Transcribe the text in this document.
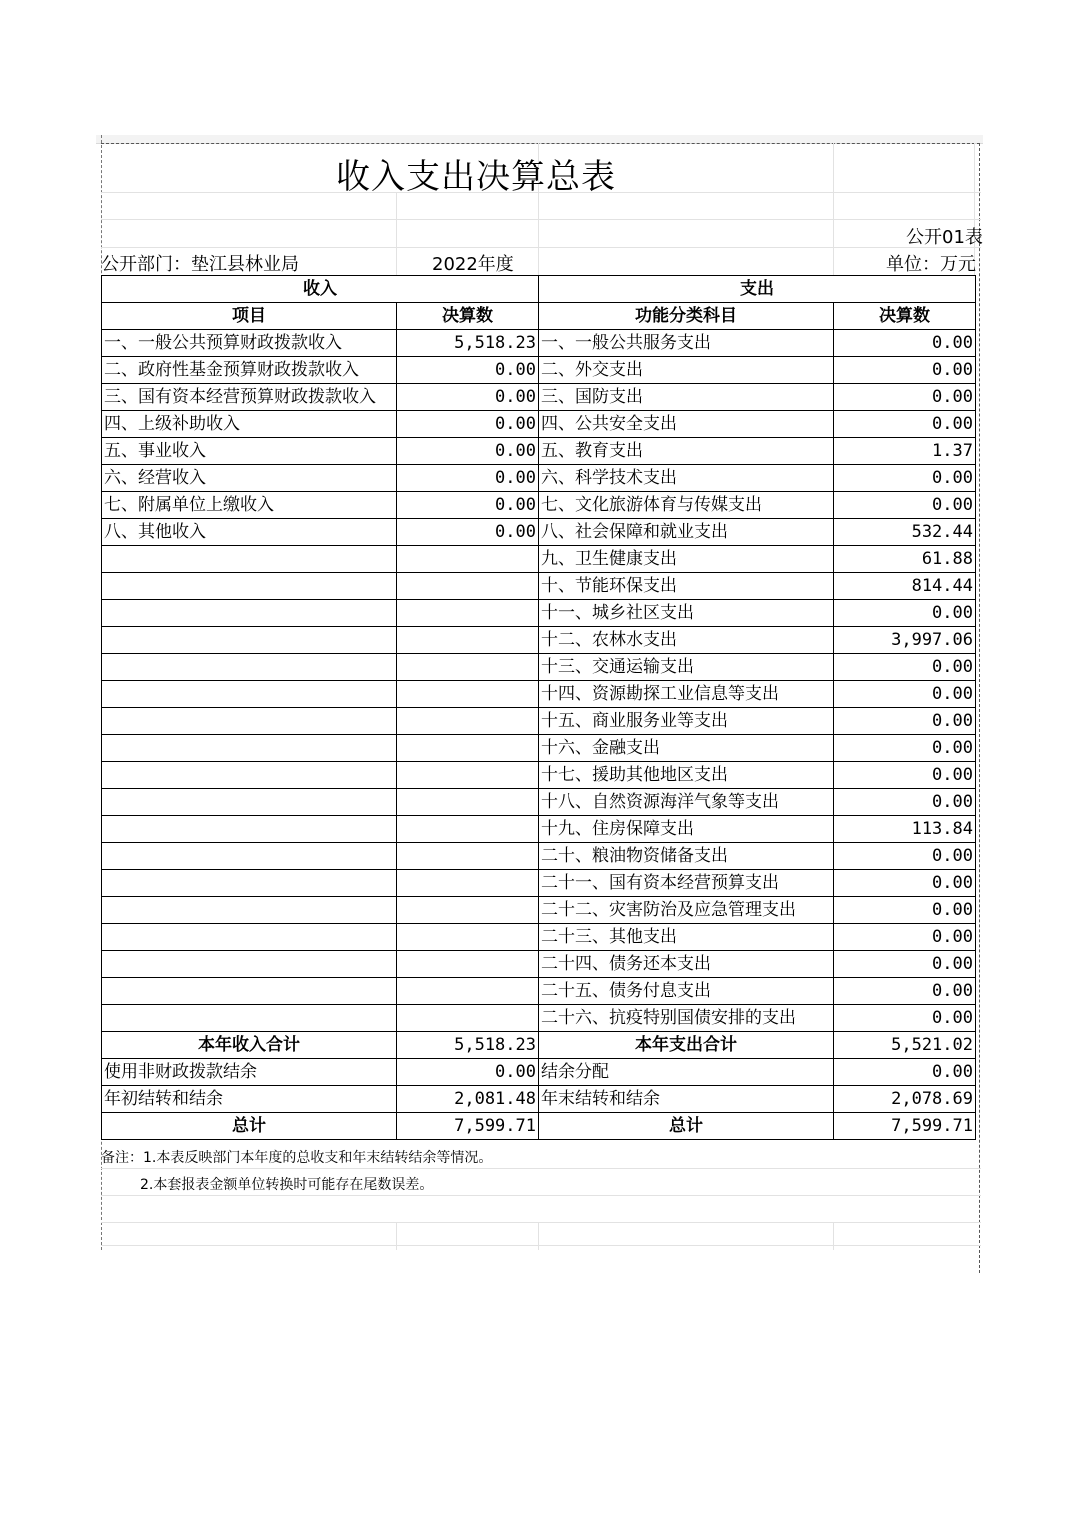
收入支出决算总表
公开01表
公开部门：垫江县林业局	2022年度	单位：万元
收入		支出	
项目	决算数	功能分类科目	决算数
一、一般公共预算财政拨款收入	5,518.23	一、一般公共服务支出	0.00
二、政府性基金预算财政拨款收入	0.00	二、外交支出	0.00
三、国有资本经营预算财政拨款收入	0.00	三、国防支出	0.00
四、上级补助收入	0.00	四、公共安全支出	0.00
五、事业收入	0.00	五、教育支出	1.37
六、经营收入	0.00	六、科学技术支出	0.00
七、附属单位上缴收入	0.00	七、文化旅游体育与传媒支出	0.00
八、其他收入	0.00	八、社会保障和就业支出	532.44
		九、卫生健康支出	61.88
		十、节能环保支出	814.44
		十一、城乡社区支出	0.00
		十二、农林水支出	3,997.06
		十三、交通运输支出	0.00
		十四、资源勘探工业信息等支出	0.00
		十五、商业服务业等支出	0.00
		十六、金融支出	0.00
		十七、援助其他地区支出	0.00
		十八、自然资源海洋气象等支出	0.00
		十九、住房保障支出	113.84
		二十、粮油物资储备支出	0.00
		二十一、国有资本经营预算支出	0.00
		二十二、灾害防治及应急管理支出	0.00
		二十三、其他支出	0.00
		二十四、债务还本支出	0.00
		二十五、债务付息支出	0.00
		二十六、抗疫特别国债安排的支出	0.00
本年收入合计	5,518.23	本年支出合计	5,521.02
使用非财政拨款结余	0.00	结余分配	0.00
年初结转和结余	2,081.48	年末结转和结余	2,078.69
总计	7,599.71	总计	7,599.71
备注：1.本表反映部门本年度的总收支和年末结转结余等情况。
2.本套报表金额单位转换时可能存在尾数误差。
